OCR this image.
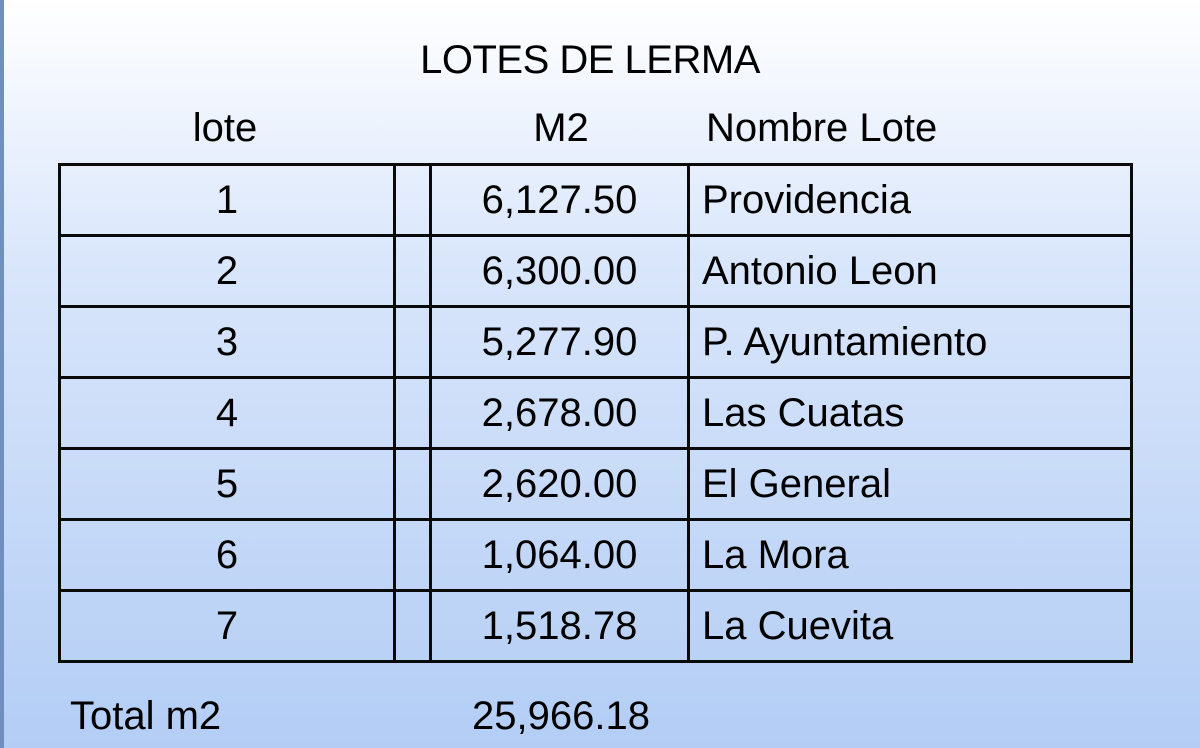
LOTES DE LERMA
lote	M2	Nombre Lote
1		6,127.50	Providencia
2		6,300.00	Antonio Leon
3		5,277.90	P. Ayuntamiento
4		2,678.00	Las Cuatas
5		2,620.00	El General
6		1,064.00	La Mora
7		1,518.78	La Cuevita
Total m2	25,966.18
